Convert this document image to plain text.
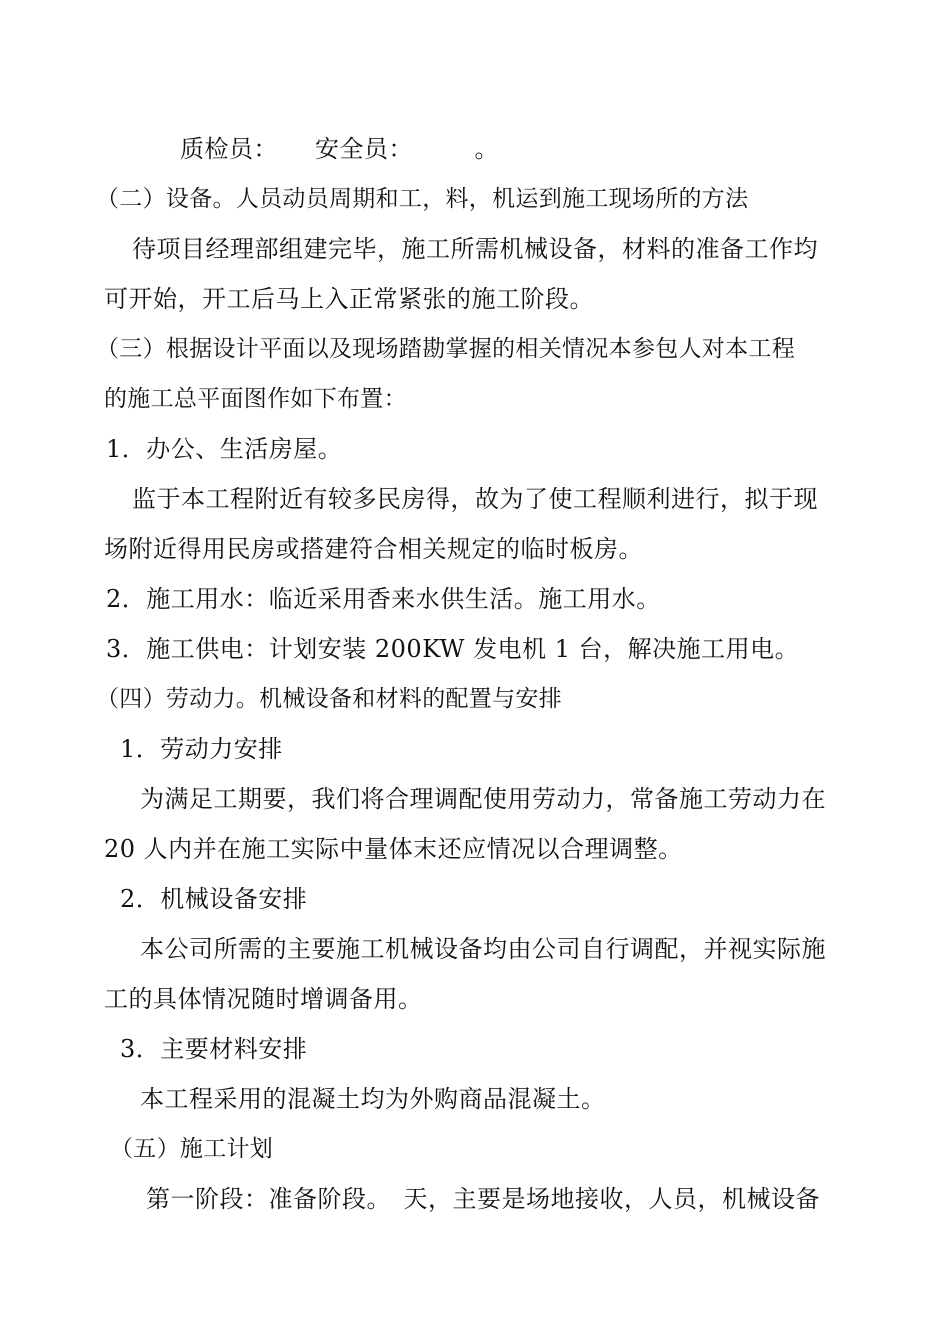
质检员：　　安全员：　　　。
（二）设备。人员动员周期和工，料，机运到施工现场所的方法
待项目经理部组建完毕，施工所需机械设备，材料的准备工作均
可开始，开工后马上入正常紧张的施工阶段。
（三）根据设计平面以及现场踏勘掌握的相关情况本参包人对本工程
的施工总平面图作如下布置：
1．办公、生活房屋。
监于本工程附近有较多民房得，故为了使工程顺利进行，拟于现
场附近得用民房或搭建符合相关规定的临时板房。
2．施工用水：临近采用香来水供生活。施工用水。
3．施工供电：计划安装 200KW 发电机 1 台，解决施工用电。
（四）劳动力。机械设备和材料的配置与安排
1．劳动力安排
为满足工期要，我们将合理调配使用劳动力，常备施工劳动力在
20 人内并在施工实际中量体末还应情况以合理调整。
2．机械设备安排
本公司所需的主要施工机械设备均由公司自行调配，并视实际施
工的具体情况随时增调备用。
3．主要材料安排
本工程采用的混凝土均为外购商品混凝土。
（五）施工计划
第一阶段：准备阶段。　天，主要是场地接收，人员，机械设备
